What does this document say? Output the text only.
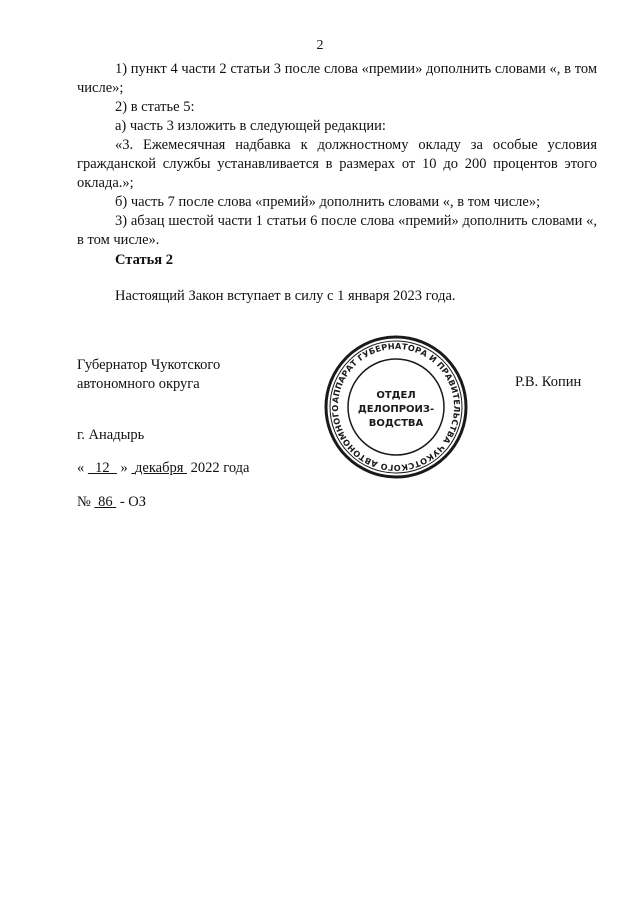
2

1) пункт 4 части 2 статьи 3 после слова «премии» дополнить словами «, в том числе»;

2) в статье 5:

а) часть 3 изложить в следующей редакции:

«3. Ежемесячная надбавка к должностному окладу за особые условия гражданской службы устанавливается в размерах от 10 до 200 процентов этого оклада.»;

б) часть 7 после слова «премий» дополнить словами «, в том числе»;

3) абзац шестой части 1 статьи 6 после слова «премий» дополнить словами «, в том числе».

Статья 2
Настоящий Закон вступает в силу с 1 января 2023 года.
Губернатор Чукотского
автономного округа
АППАРАТ ГУБЕРНАТОРА И ПРАВИТЕЛЬСТВА ЧУКОТСКОГО АВТОНОМНОГО
ОТДЕЛ
ДЕЛОПРОИЗ-
ВОДСТВА
Р.В. Копин
г. Анадырь
« 12 » декабря 2022 года
№ 86 - ОЗ
